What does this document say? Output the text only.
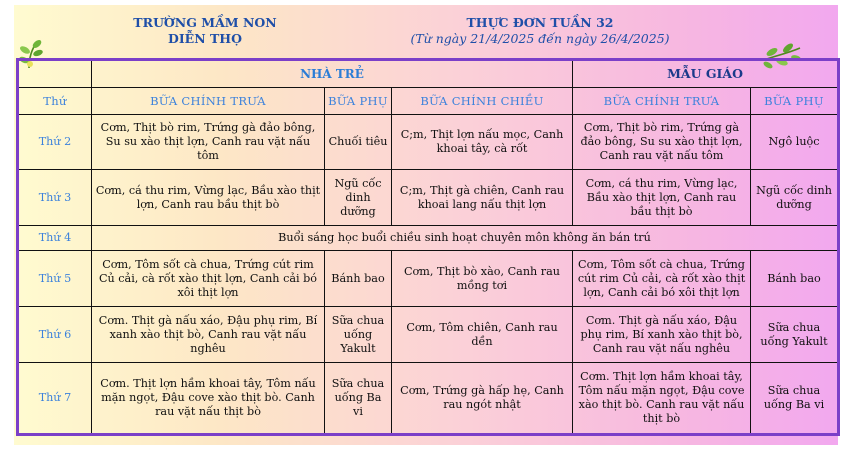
TRƯỜNG MẦM NON
DIỄN THỌ
THỰC ĐƠN TUẦN 32
(Từ ngày 21/4/2025 đến ngày 26/4/2025)
	NHÀ TRẺ			MẪU GIÁO	
Thứ	BỮA CHÍNH TRƯA	BỮA PHỤ	BỮA CHÍNH CHIỀU	BỮA CHÍNH TRƯA	BỮA PHỤ
Thứ 2	Cơm, Thịt bò rim, Trứng gà đảo bông, Su su xào thịt lợn, Canh rau vặt nấu tôm	Chuối tiêu	C;m, Thịt lợn nấu mọc, Canh khoai tây, cà rốt	Cơm, Thịt bò rim, Trứng gà đảo bông, Su su xào thịt lợn, Canh rau vặt nấu tôm	Ngô luộc
Thứ 3	Cơm, cá thu rim, Vừng lạc, Bầu xào thịt lợn, Canh rau bầu thịt bò	Ngũ cốc dinh dưỡng	C;m, Thịt gà chiên, Canh rau khoai lang nấu thịt lợn	Cơm, cá thu rim, Vừng lạc, Bầu xào thịt lợn, Canh rau bầu thịt bò	Ngũ cốc dinh dưỡng
Thứ 4	Buổi sáng học buổi chiều sinh hoạt chuyên môn không ăn bán trú				
Thứ 5	Cơm, Tôm sốt cà chua, Trứng cút rim Củ cải, cà rốt xào thịt lợn, Canh cải bó xôi thịt lợn	Bánh bao	Cơm, Thịt bò xào, Canh rau mồng tơi	Cơm, Tôm sốt cà chua, Trứng cút rim Củ cải, cà rốt xào thịt lợn, Canh cải bó xôi thịt lợn	Bánh bao
Thứ 6	Cơm. Thịt gà nấu xáo, Đậu phụ rim, Bí xanh xào thịt bò, Canh rau vặt nấu nghêu	Sữa chua uống Yakult	Cơm, Tôm chiên, Canh rau dền	Cơm. Thịt gà nấu xáo, Đậu phụ rim, Bí xanh xào thịt bò, Canh rau vặt nấu nghêu	Sữa chua uống Yakult
Thứ 7	Cơm. Thịt lợn hầm khoai tây, Tôm nấu mặn ngọt, Đậu cove xào thịt bò. Canh rau vặt nấu thịt bò	Sữa chua uống Ba vi	Cơm, Trứng gà hấp hẹ, Canh rau ngót nhật	Cơm. Thịt lợn hầm khoai tây, Tôm nấu mặn ngọt, Đậu cove xào thịt bò. Canh rau vặt nấu thịt bò	Sữa chua uống Ba vi
